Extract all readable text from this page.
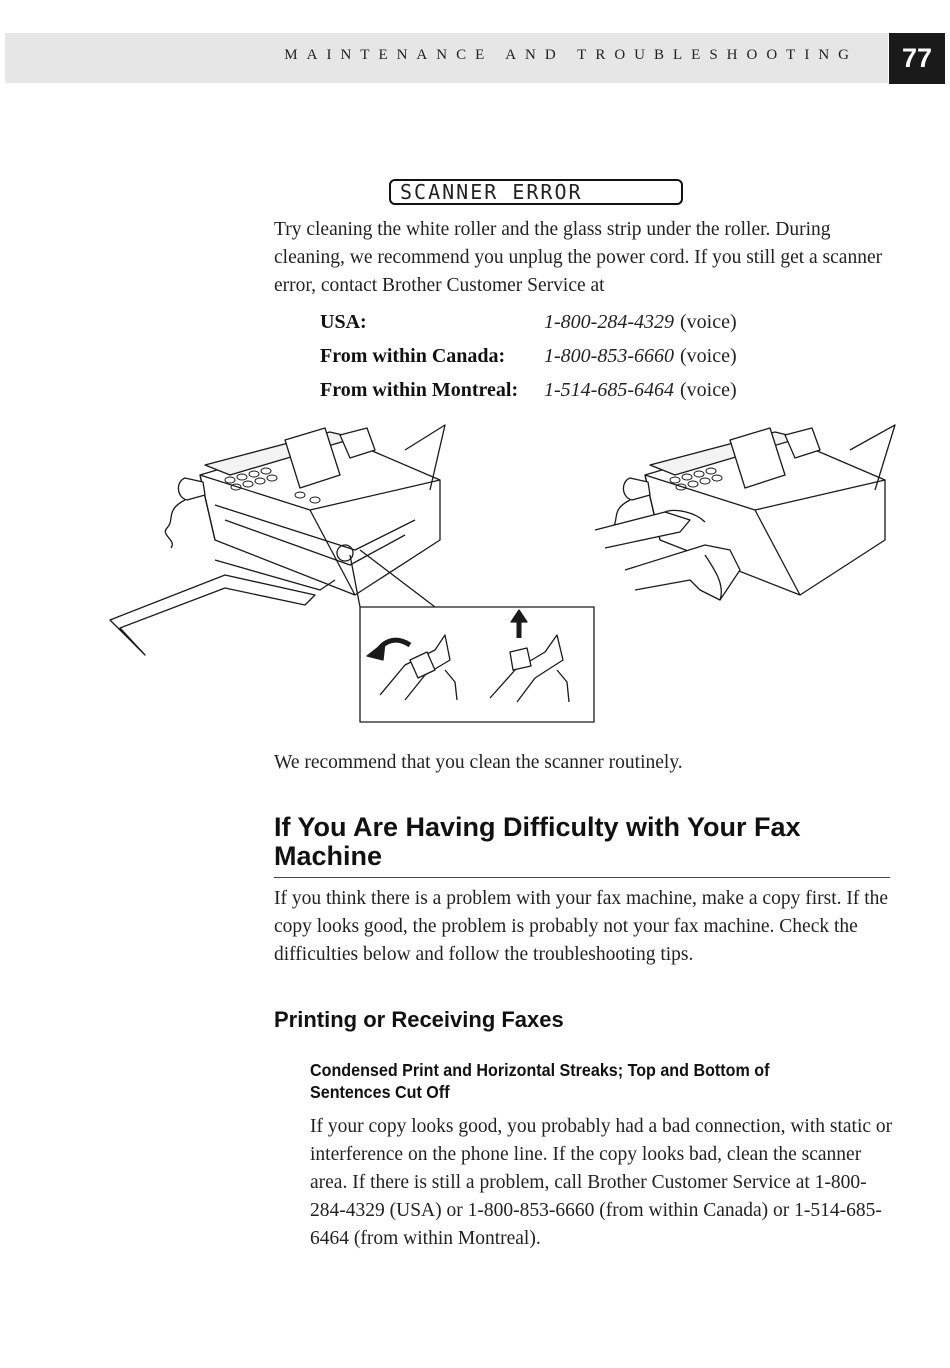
MAINTENANCE AND TROUBLESHOOTING	77
SCANNER ERROR
Try cleaning the white roller and the glass strip under the roller. During cleaning, we recommend you unplug the power cord. If you still get a scanner error, contact Brother Customer Service at
USA:	1-800-284-4329 (voice)
From within Canada:	1-800-853-6660 (voice)
From within Montreal:	1-514-685-6464 (voice)
We recommend that you clean the scanner routinely.
If You Are Having Difficulty with Your Fax Machine
If you think there is a problem with your fax machine, make a copy first. If the copy looks good, the problem is probably not your fax machine. Check the difficulties below and follow the troubleshooting tips.
Printing or Receiving Faxes
Condensed Print and Horizontal Streaks; Top and Bottom of Sentences Cut Off
If your copy looks good, you probably had a bad connection, with static or interference on the phone line. If the copy looks bad, clean the scanner area. If there is still a problem, call Brother Customer Service at 1-800-284-4329 (USA) or 1-800-853-6660 (from within Canada) or 1-514-685-6464 (from within Montreal).
